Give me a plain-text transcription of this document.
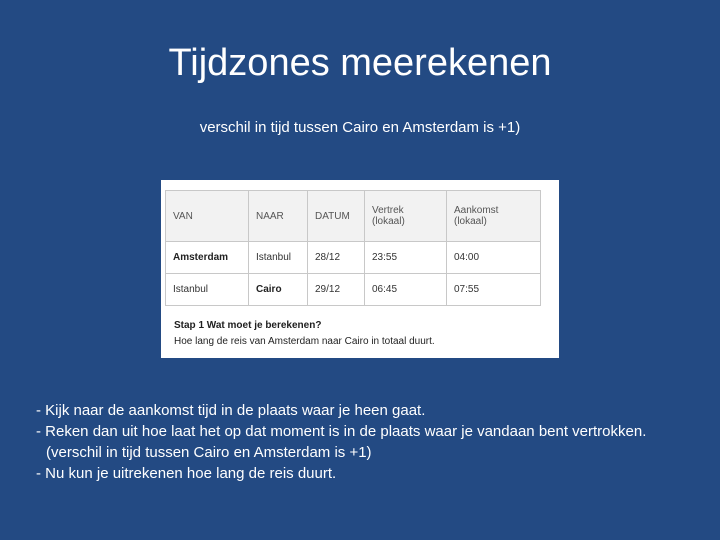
Tijdzones meerekenen
verschil in tijd tussen Cairo en Amsterdam is +1)
VAN	NAAR	DATUM	Vertrek (lokaal)	Aankomst (lokaal)
Amsterdam	Istanbul	28/12	23:55	04:00
Istanbul	Cairo	29/12	06:45	07:55
Stap 1 Wat moet je berekenen?
Hoe lang de reis van Amsterdam naar Cairo in totaal duurt.
- Kijk naar de aankomst tijd in de plaats waar je heen gaat.
- Reken dan uit hoe laat het op dat moment is in de plaats waar je vandaan bent vertrokken.
(verschil in tijd tussen Cairo en Amsterdam is +1)
- Nu kun je uitrekenen hoe lang de reis duurt.
